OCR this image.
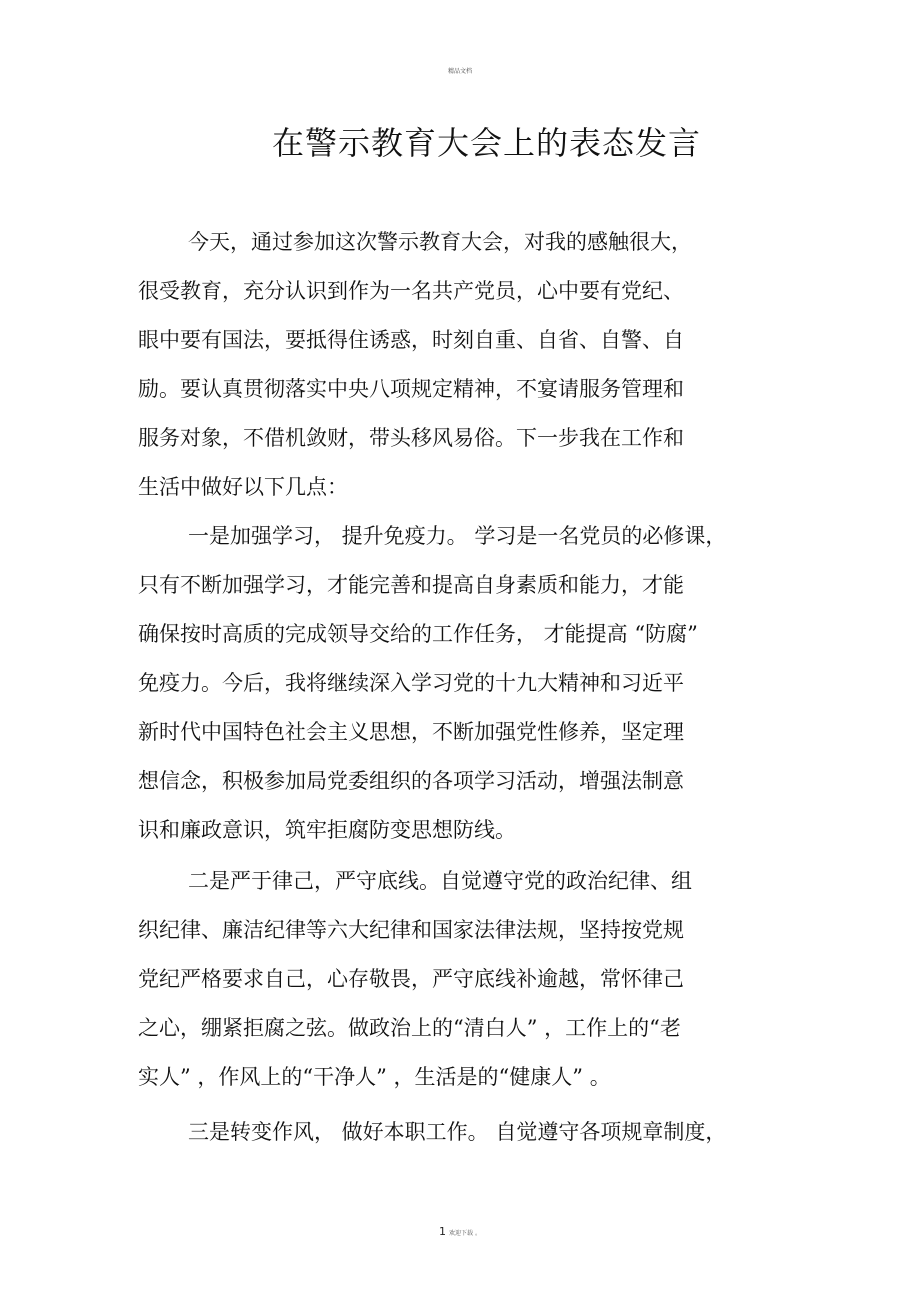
精品文档
在警示教育大会上的表态发言
今天，通过参加这次警示教育大会，对我的感触很大，
很受教育，充分认识到作为一名共产党员，心中要有党纪、
眼中要有国法，要抵得住诱惑，时刻自重、自省、自警、自
励。要认真贯彻落实中央八项规定精神，不宴请服务管理和
服务对象，不借机敛财，带头移风易俗。下一步我在工作和
生活中做好以下几点：
一是加强学习， 提升免疫力。 学习是一名党员的必修课，
只有不断加强学习，才能完善和提高自身素质和能力，才能
确保按时高质的完成领导交给的工作任务， 才能提高 “防腐”
免疫力。今后，我将继续深入学习党的十九大精神和习近平
新时代中国特色社会主义思想，不断加强党性修养，坚定理
想信念，积极参加局党委组织的各项学习活动，增强法制意
识和廉政意识，筑牢拒腐防变思想防线。
二是严于律己，严守底线。自觉遵守党的政治纪律、组
织纪律、廉洁纪律等六大纪律和国家法律法规，坚持按党规
党纪严格要求自己，心存敬畏，严守底线补逾越，常怀律己
之心，绷紧拒腐之弦。做政治上的“清白人” ，工作上的“老
实人” ，作风上的“干净人” ，生活是的“健康人” 。
三是转变作风， 做好本职工作。 自觉遵守各项规章制度，
1 欢迎下载 。
